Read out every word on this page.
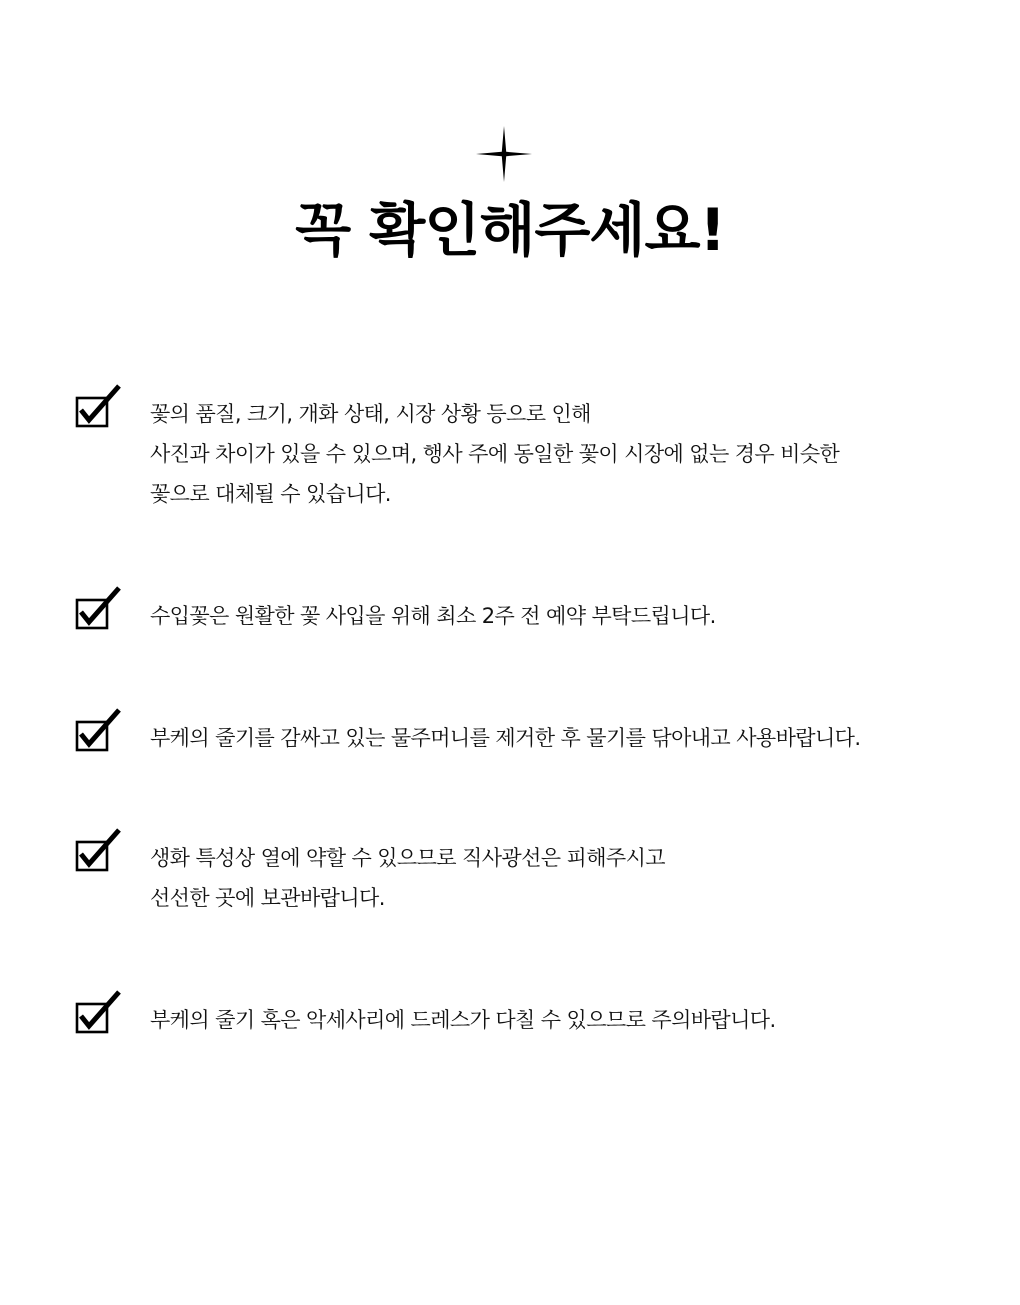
꼭 확인해주세요!

꽃의 품질, 크기, 개화 상태, 시장 상황 등으로 인해
사진과 차이가 있을 수 있으며, 행사 주에 동일한 꽃이 시장에 없는 경우 비슷한
꽃으로 대체될 수 있습니다.

수입꽃은 원활한 꽃 사입을 위해 최소 2주 전 예약 부탁드립니다.

부케의 줄기를 감싸고 있는 물주머니를 제거한 후 물기를 닦아내고 사용바랍니다.

생화 특성상 열에 약할 수 있으므로 직사광선은 피해주시고
선선한 곳에 보관바랍니다.

부케의 줄기 혹은 악세사리에 드레스가 다칠 수 있으므로 주의바랍니다.
